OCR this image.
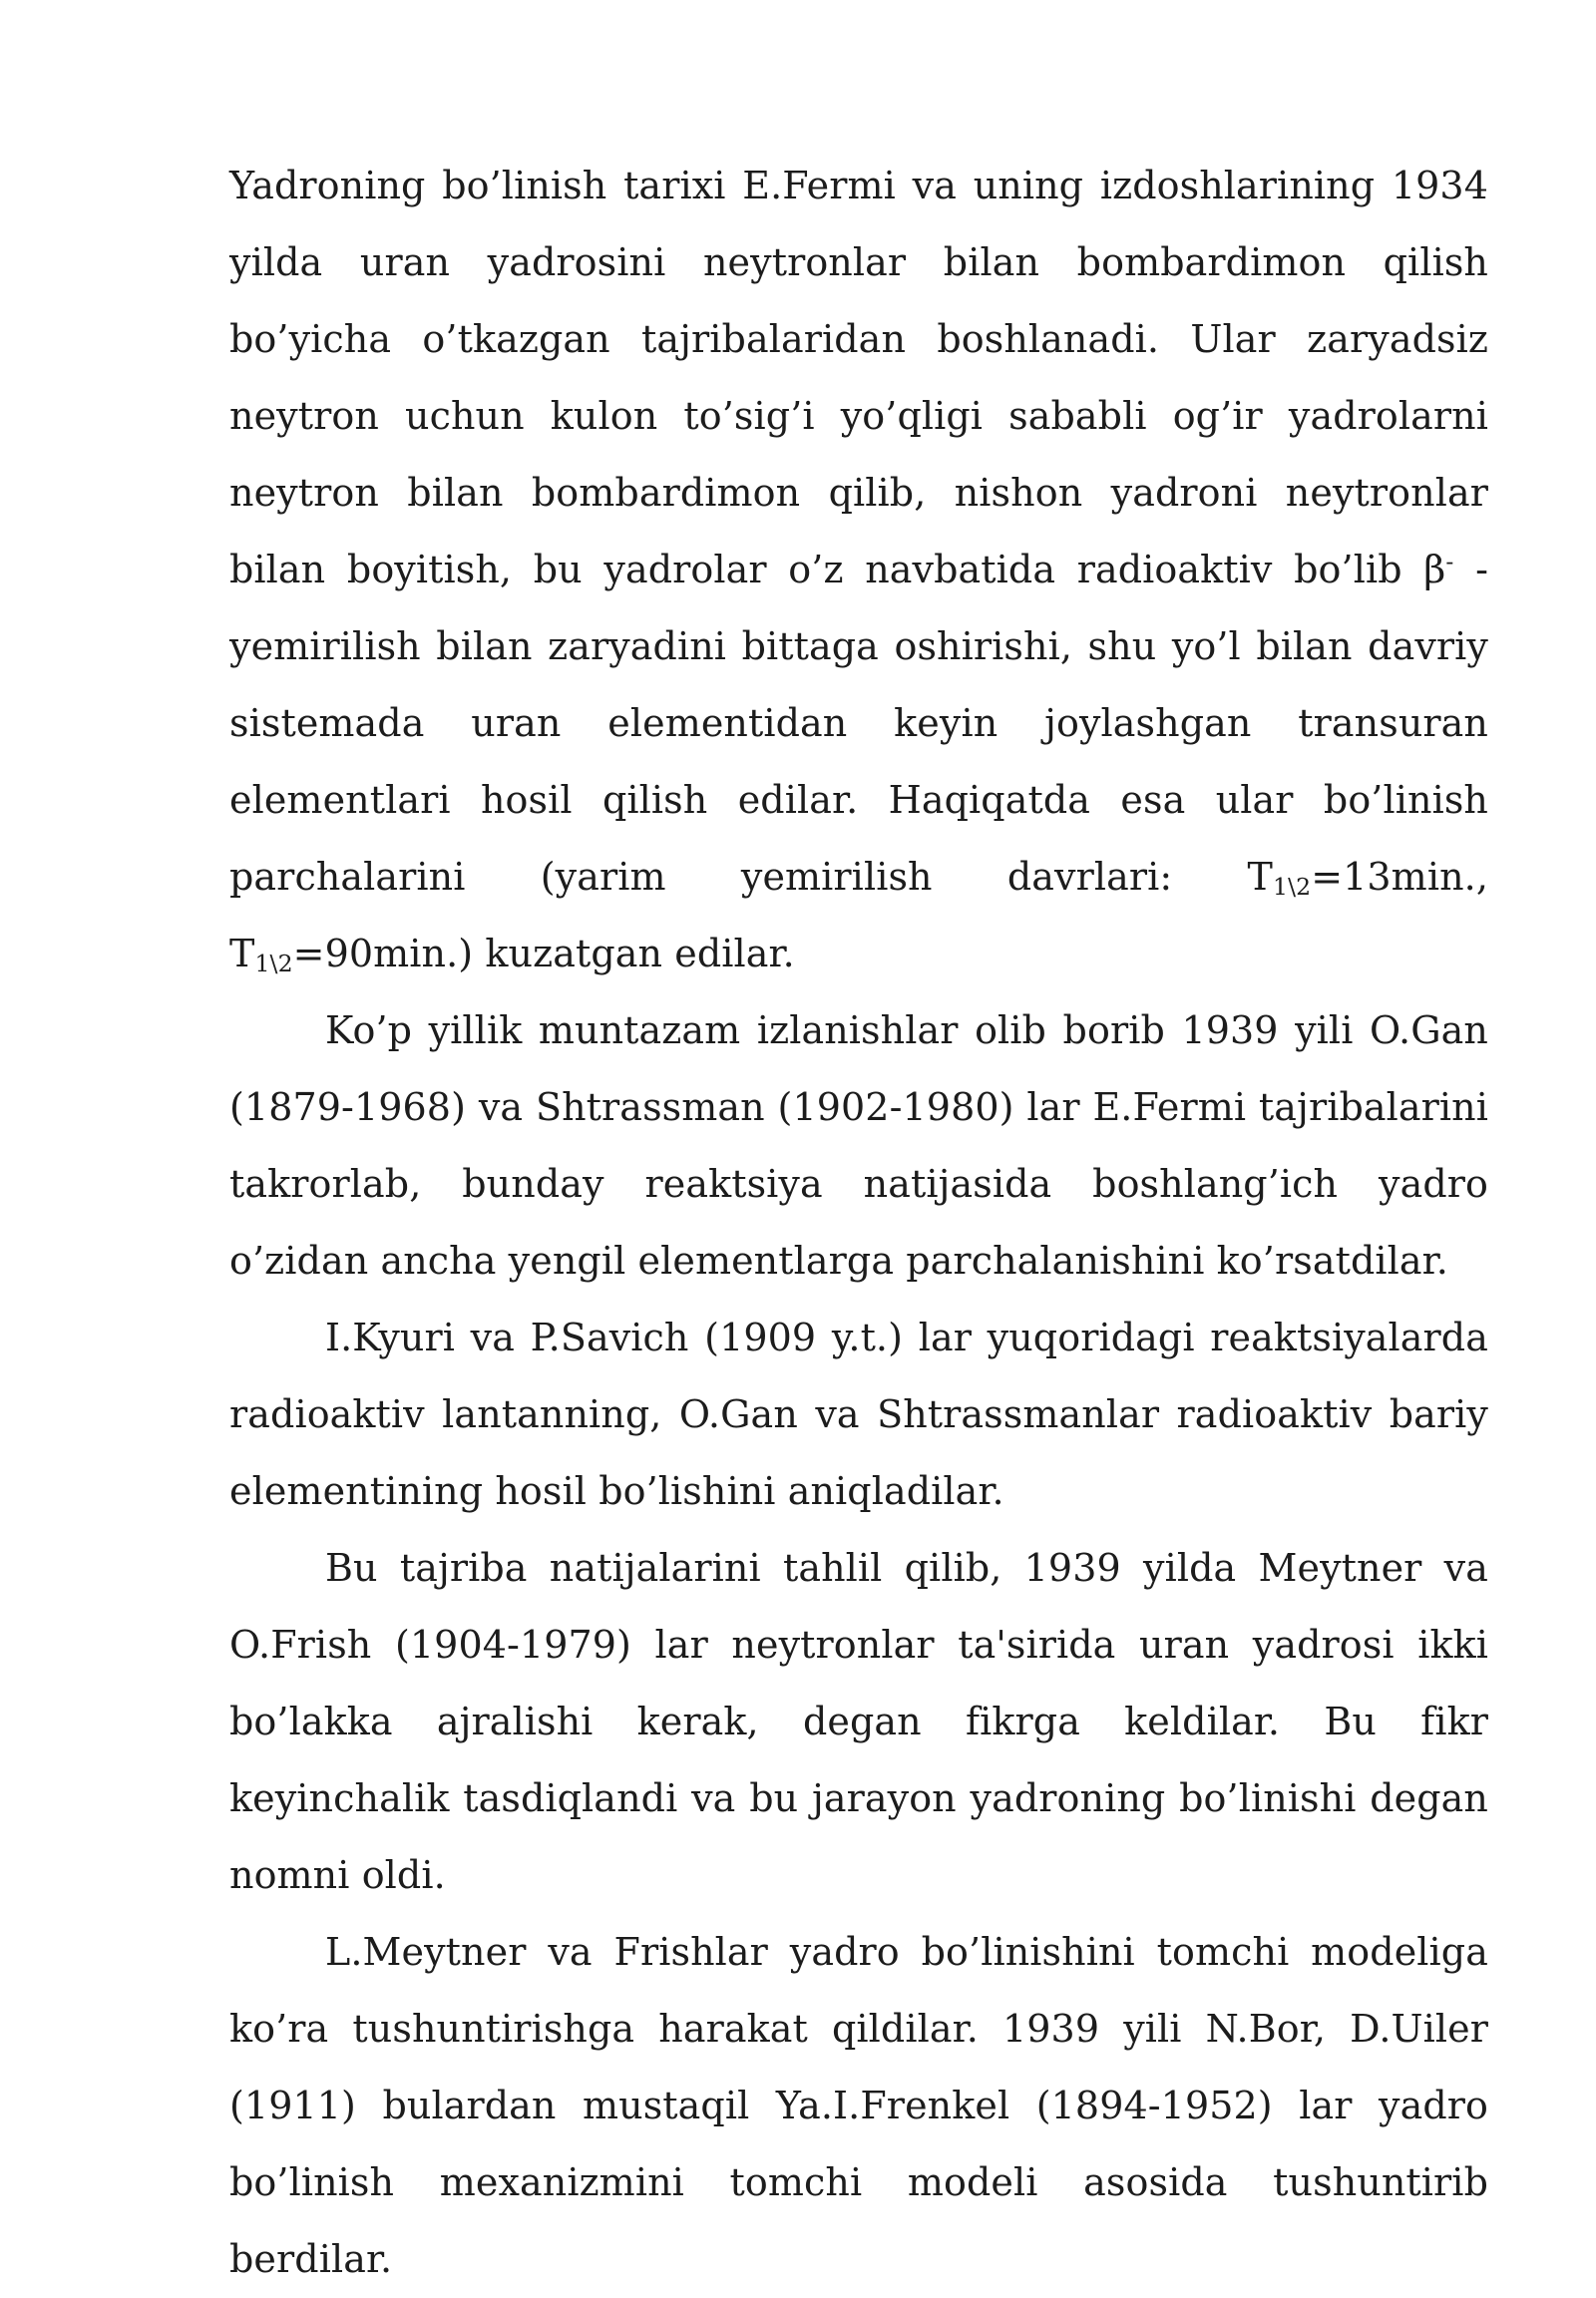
Yadroning bo’linish tarixi E.Fermi va uning izdoshlarining 1934 yilda uran yadrosini neytronlar bilan bombardimon qilish bo’yicha o’tkazgan tajribalaridan boshlanadi. Ular zaryadsiz neytron uchun kulon to’sig’i yo’qligi sababli og’ir yadrolarni neytron bilan bombardimon qilib, nishon yadroni neytronlar bilan boyitish, bu yadrolar o’z navbatida radioaktiv bo’lib β- - yemirilish bilan zaryadini bittaga oshirishi, shu yo’l bilan davriy sistemada uran elementidan keyin joylashgan transuran elementlari hosil qilish edilar. Haqiqatda esa ular bo’linish parchalarini (yarim yemirilish davrlari: $T_{1\backslash 2}=13\min$., $T_{1\backslash 2}=90\min$.) kuzatgan edilar.

Ko’p yillik muntazam izlanishlar olib borib 1939 yili O.Gan (1879-1968) va Shtrassman (1902-1980) lar E.Fermi tajribalarini takrorlab, bunday reaktsiya natijasida boshlang’ich yadro o’zidan ancha yengil elementlarga parchalanishini ko’rsatdilar.

I.Kyuri va P.Savich (1909 y.t.) lar yuqoridagi reaktsiyalarda radioaktiv lantanning, O.Gan va Shtrassmanlar radioaktiv bariy elementining hosil bo’lishini aniqladilar.

Bu tajriba natijalarini tahlil qilib, 1939 yilda Meytner va O.Frish (1904-1979) lar neytronlar ta'sirida uran yadrosi ikki bo’lakka ajralishi kerak, degan fikrga keldilar. Bu fikr keyinchalik tasdiqlandi va bu jarayon yadroning bo’linishi degan nomni oldi.

L.Meytner va Frishlar yadro bo’linishini tomchi modeliga ko’ra tushuntirishga harakat qildilar. 1939 yili N.Bor, D.Uiler (1911) bulardan mustaqil Ya.I.Frenkel (1894-1952) lar yadro bo’linish mexanizmini tomchi modeli asosida tushuntirib berdilar.
